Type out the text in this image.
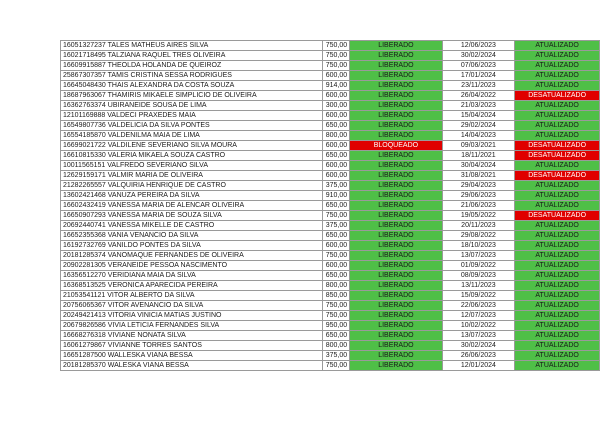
16051327237 TALES MATHEUS AIRES SILVA	750,00	LIBERADO	12/06/2023	ATUALIZADO
16021718495 TALZIANA RAQUEL TRES OLIVEIRA	750,00	LIBERADO	30/02/2024	ATUALIZADO
16609915887 THEOLDA HOLANDA DE QUEIROZ	750,00	LIBERADO	07/06/2023	ATUALIZADO
25867307357 TAMIS CRISTINA SESSA RODRIGUES	600,00	LIBERADO	17/01/2024	ATUALIZADO
16645048430 THAIS ALEXANDRA DA COSTA SOUZA	914,00	LIBERADO	23/11/2023	ATUALIZADO
18687963067 THAMIRIS MIKAELE SIMPLICIO DE OLIVEIRA	600,00	LIBERADO	26/04/2022	DESATUALIZADO
16362763374 UBIRANEIDE SOUSA DE LIMA	300,00	LIBERADO	21/03/2023	ATUALIZADO
12101169888 VALDECI PRAXEDES MAIA	600,00	LIBERADO	15/04/2024	ATUALIZADO
16549807736 VALDELICIA DA SILVA PONTES	650,00	LIBERADO	29/02/2024	ATUALIZADO
16554185870 VALDENILMA MAIA DE LIMA	800,00	LIBERADO	14/04/2023	ATUALIZADO
16699021722 VALDILENE SEVERIANO SILVA MOURA	600,00	BLOQUEADO	09/03/2021	DESATUALIZADO
16610815330 VALERIA MIKAELA SOUZA CASTRO	650,00	LIBERADO	18/11/2021	DESATUALIZADO
10011565151 VALFREDO SEVERIANO SILVA	600,00	LIBERADO	30/04/2024	ATUALIZADO
12629159171 VALMIR MARIA DE OLIVEIRA	600,00	LIBERADO	31/08/2021	DESATUALIZADO
21282265557 VALQUIRIA HENRIQUE DE CASTRO	375,00	LIBERADO	29/04/2023	ATUALIZADO
13602421468 VANUZA PEREIRA DA SILVA	910,00	LIBERADO	29/06/2023	ATUALIZADO
16602432419 VANESSA MARIA DE ALENCAR OLIVEIRA	650,00	LIBERADO	21/06/2023	ATUALIZADO
16650907293 VANESSA MARIA DE SOUZA SILVA	750,00	LIBERADO	19/05/2022	DESATUALIZADO
20692440741 VANESSA MIKELLE DE CASTRO	375,00	LIBERADO	20/11/2023	ATUALIZADO
16652355368 VANIA VENANCIO DA SILVA	650,00	LIBERADO	29/08/2022	ATUALIZADO
16192732769 VANILDO PONTES DA SILVA	600,00	LIBERADO	18/10/2023	ATUALIZADO
20181285374 VANOMAQUE FERNANDES DE OLIVEIRA	750,00	LIBERADO	13/07/2023	ATUALIZADO
20902281305 VERANEIDE PESSOA NASCIMENTO	600,00	LIBERADO	01/09/2022	ATUALIZADO
16356512270 VERIDIANA MAIA DA SILVA	650,00	LIBERADO	08/09/2023	ATUALIZADO
16368513525 VERONICA APARECIDA PEREIRA	800,00	LIBERADO	13/11/2023	ATUALIZADO
21053541121 VITOR ALBERTO DA SILVA	850,00	LIBERADO	15/09/2022	ATUALIZADO
20756065367 VITOR AVENANCIO DA SILVA	750,00	LIBERADO	22/06/2023	ATUALIZADO
20249421413 VITORIA VINICIA MATIAS JUSTINO	750,00	LIBERADO	12/07/2023	ATUALIZADO
20679826586 VIVIA LETICIA FERNANDES SILVA	950,00	LIBERADO	10/02/2022	ATUALIZADO
16668276318 VIVIANE NONATA SILVA	650,00	LIBERADO	13/07/2023	ATUALIZADO
16061279867 VIVIANNE TORRES SANTOS	800,00	LIBERADO	30/02/2024	ATUALIZADO
16651287500 WALLESKA VIANA BESSA	375,00	LIBERADO	26/06/2023	ATUALIZADO
20181285370 WALESKA VIANA BESSA	750,00	LIBERADO	12/01/2024	ATUALIZADO
